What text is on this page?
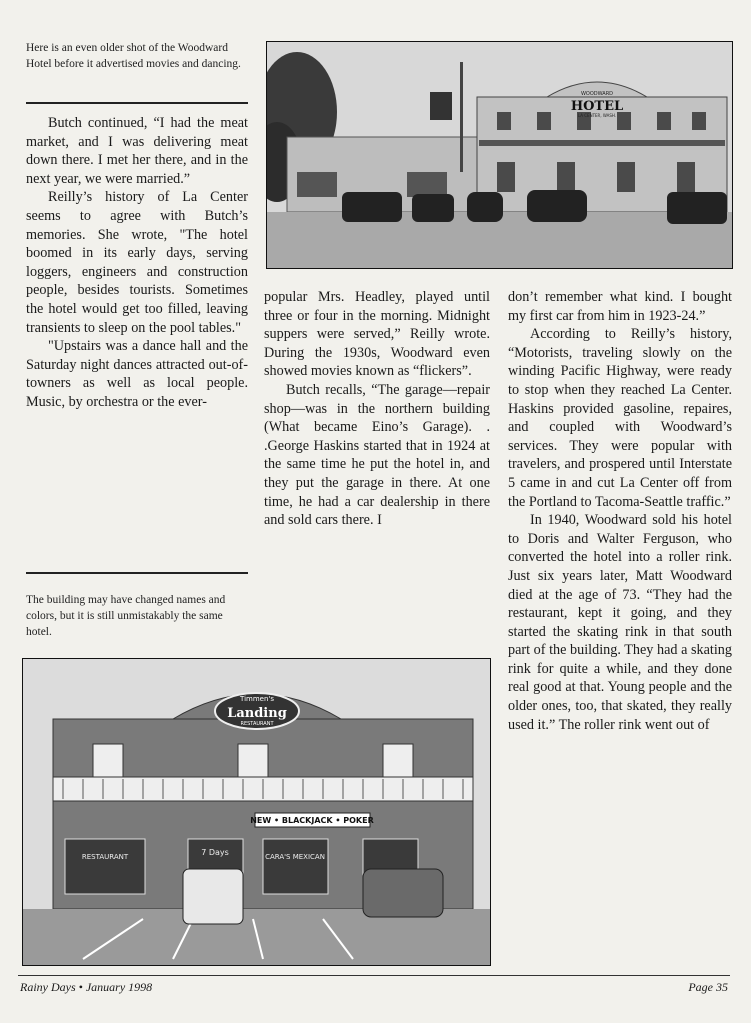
Here is an even older shot of the Woodward Hotel before it advertised movies and dancing.
WOODWARD
HOTEL
LA CENTER, WASH.

Butch continued, “I had the meat market, and I was delivering meat down there. I met her there, and in the next year, we were married.”

Reilly’s history of La Center seems to agree with Butch’s memories. She wrote, "The hotel boomed in its early days, serving loggers, engineers and construction people, besides tourists. Sometimes the hotel would get too filled, leaving transients to sleep on the pool tables."

"Upstairs was a dance hall and the Saturday night dances attracted out-of-towners as well as local people. Music, by orchestra or the ever-

The building may have changed names and colors, but it is still unmistakably the same hotel.

popular Mrs. Headley, played until three or four in the morning. Midnight suppers were served,” Reilly wrote. During the 1930s, Woodward even showed movies known as “flickers”.

Butch recalls, “The garage—repair shop—was in the northern building (What became Eino’s Garage). . .George Haskins started that in 1924 at the same time he put the hotel in, and they put the garage in there. At one time, he had a car dealership in there and sold cars there. I

don’t remember what kind. I bought my first car from him in 1923-24.”

According to Reilly’s history, “Motorists, traveling slowly on the winding Pacific Highway, were ready to stop when they reached La Center. Haskins provided gasoline, repaires, and coupled with Woodward’s services. They were popular with travelers, and prospered until Interstate 5 came in and cut La Center off from the Portland to Tacoma-Seattle traffic.”

In 1940, Woodward sold his hotel to Doris and Walter Ferguson, who converted the hotel into a roller rink. Just six years later, Matt Woodward died at the age of 73. “They had the restaurant, kept it going, and they started the skating rink in that south part of the building. They had a skating rink for quite a while, and they done real good at that. Young people and the older ones, too, that skated, they really used it.” The roller rink went out of

Timmen's
Landing
RESTAURANT
NEW • BLACKJACK • POKER
RESTAURANT	7 Days	CARA'S MEXICAN
Rainy Days • January 1998	Page 35
